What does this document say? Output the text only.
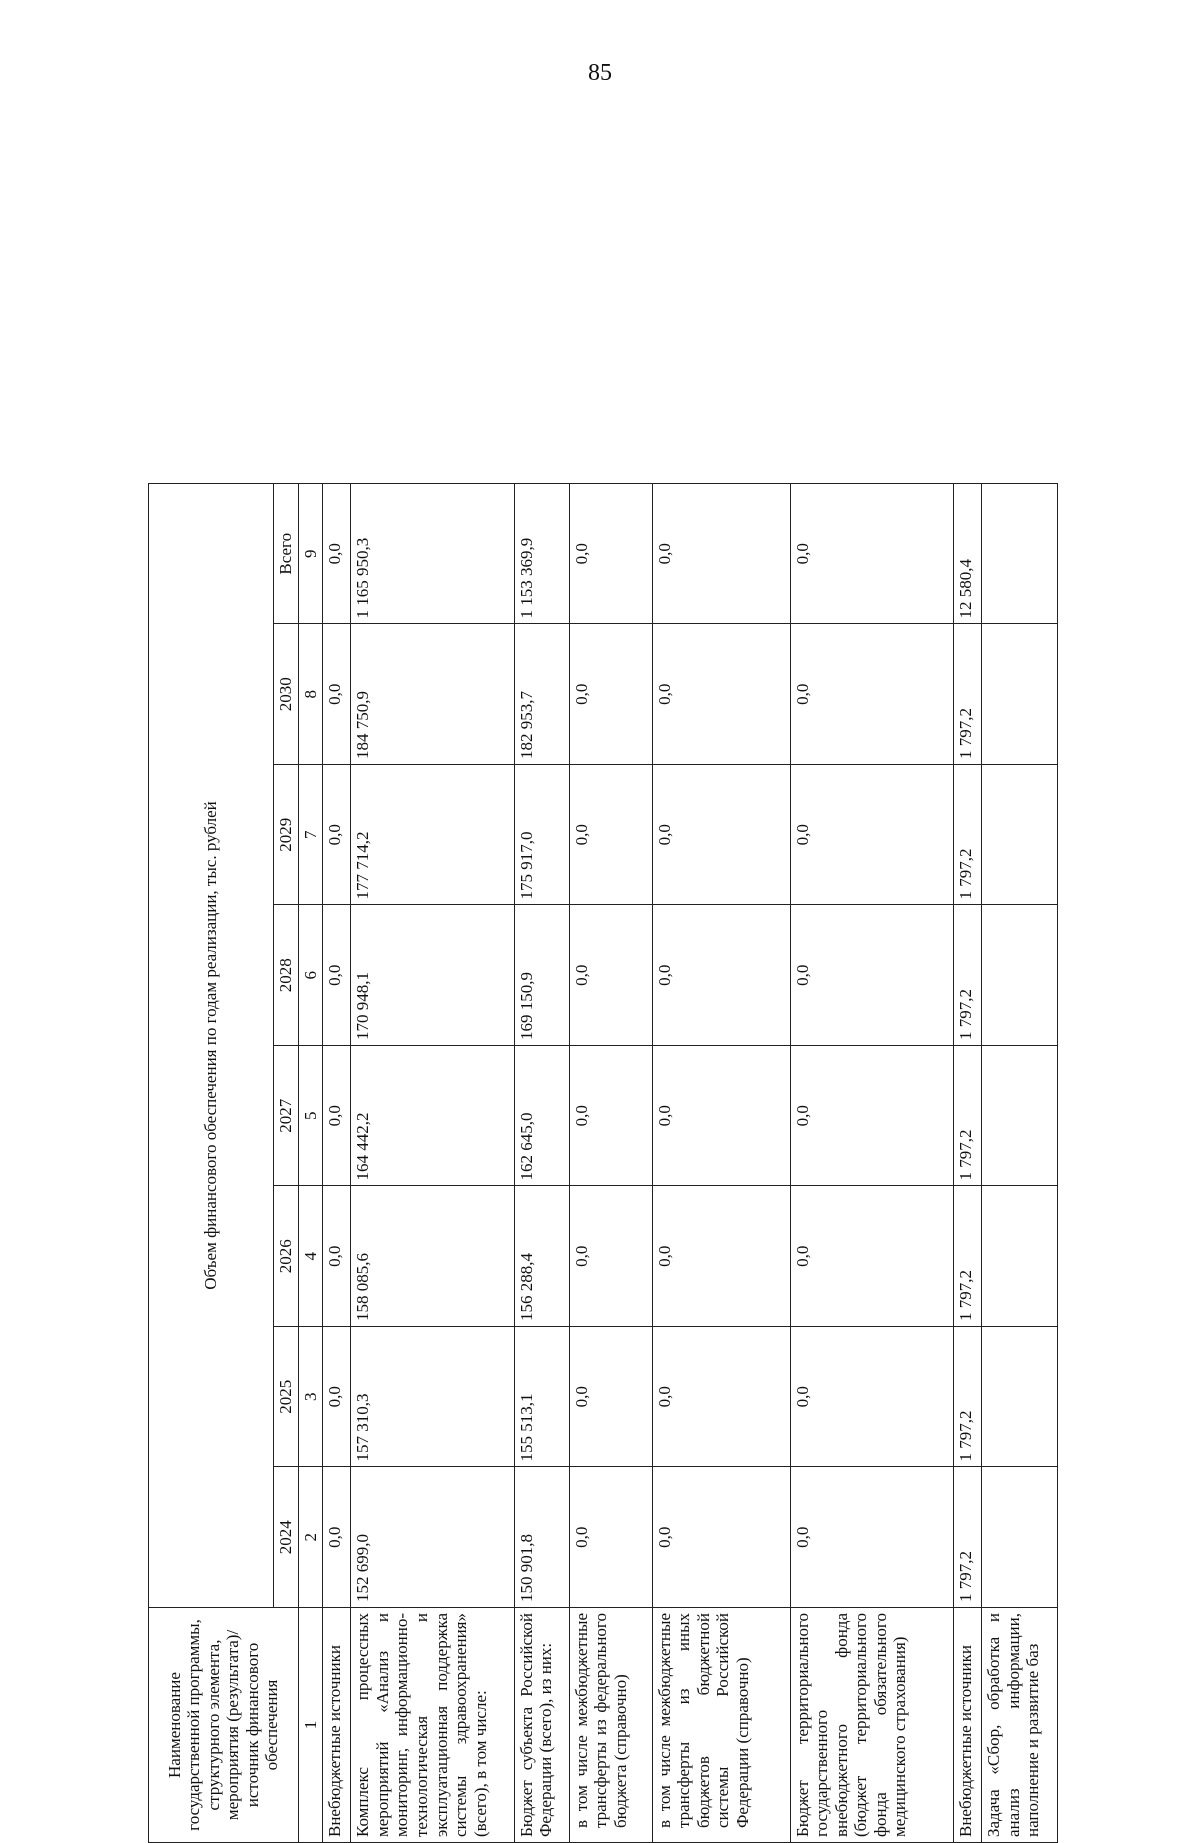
85
Наименование государственной программы, структурного элемента, мероприятия (результата)/источник финансового обеспечения	Объем финансового обеспечения по годам реализации, тыс. рублей							
	2024	2025	2026	2027	2028	2029	2030	Всего
1	2	3	4	5	6	7	8	9
Внебюджетные источники	0,0	0,0	0,0	0,0	0,0	0,0	0,0	0,0
Комплекс процессных мероприятий «Анализ и мониторинг, информационно-технологическая и эксплуатационная поддержка системы здравоохранения» (всего), в том числе:	152 699,0	157 310,3	158 085,6	164 442,2	170 948,1	177 714,2	184 750,9	1 165 950,3
Бюджет субъекта Российской Федерации (всего), из них:	150 901,8	155 513,1	156 288,4	162 645,0	169 150,9	175 917,0	182 953,7	1 153 369,9
в том числе межбюджетные трансферты из федерального бюджета (справочно)	0,0	0,0	0,0	0,0	0,0	0,0	0,0	0,0
в том числе межбюджетные трансферты из иных бюджетов бюджетной системы Российской Федерации (справочно)	0,0	0,0	0,0	0,0	0,0	0,0	0,0	0,0
Бюджет территориального государственного внебюджетного фонда (бюджет территориального фонда обязательного медицинского страхования)	0,0	0,0	0,0	0,0	0,0	0,0	0,0	0,0
Внебюджетные источники	1 797,2	1 797,2	1 797,2	1 797,2	1 797,2	1 797,2	1 797,2	12 580,4
Задача «Сбор, обработка и анализ информации, наполнение и развитие баз								
